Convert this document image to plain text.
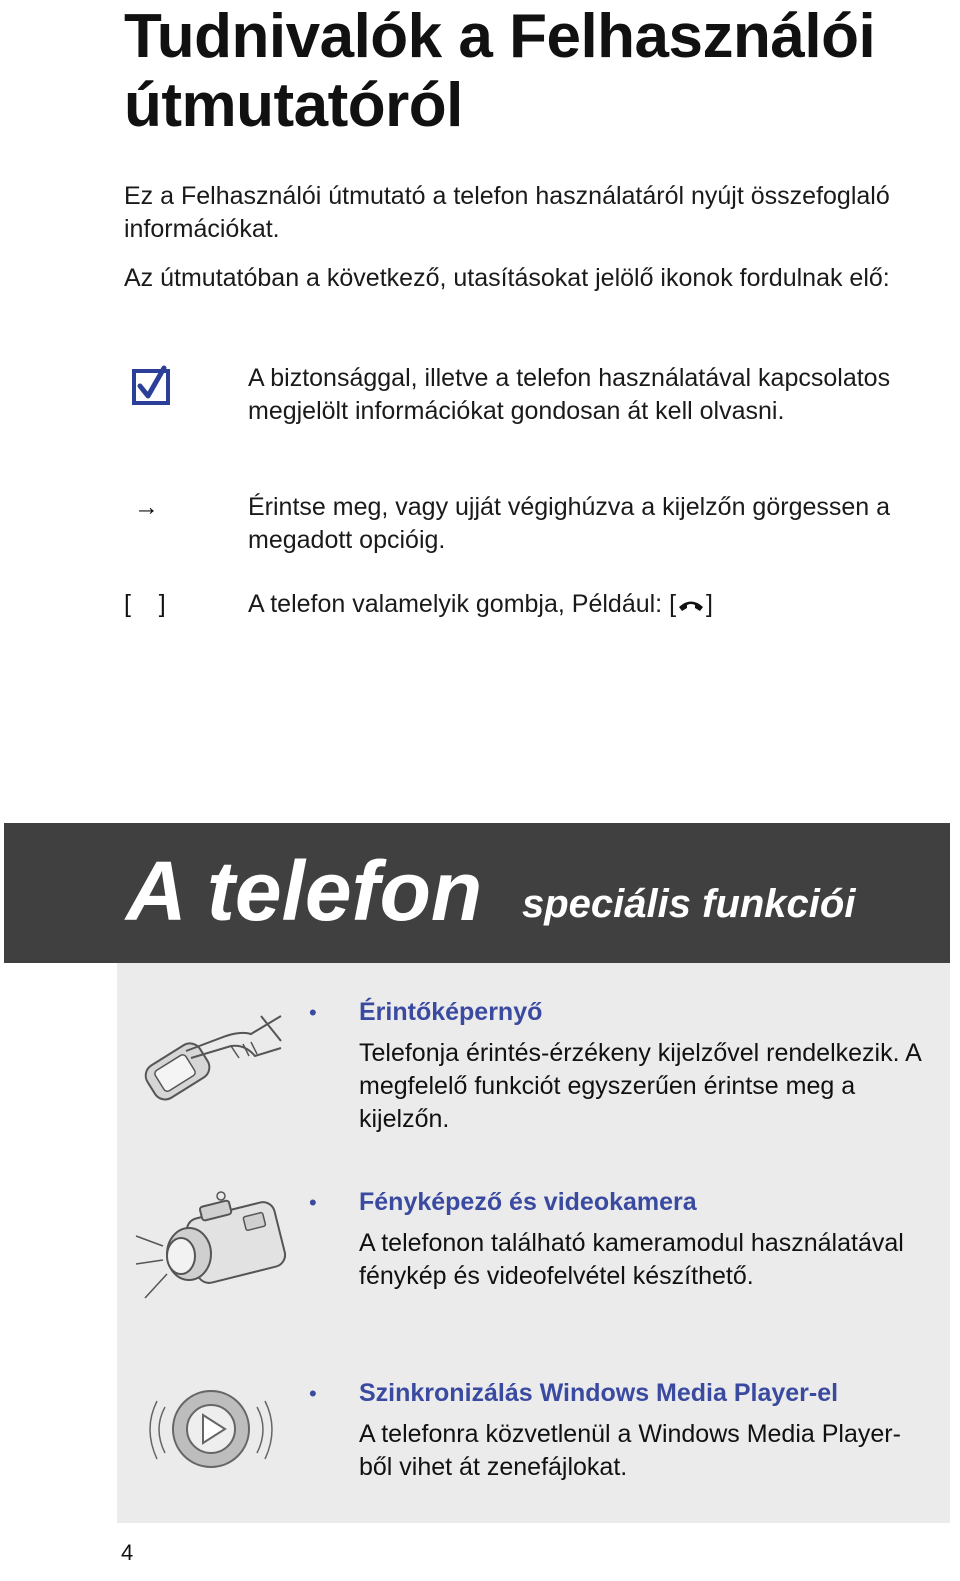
Tudnivalók a Felhasználói útmutatóról
Ez a Felhasználói útmutató a telefon használatáról nyújt összefoglaló információkat.
Az útmutatóban a következő, utasításokat jelölő ikonok fordulnak elő:
A biztonsággal, illetve a telefon használatával kapcsolatos megjelölt információkat gondosan át kell olvasni.
→	Érintse meg, vagy ujját végighúzva a kijelzőn görgessen a megadott opcióig.
[    ]	A telefon valamelyik gombja, Például: [ ]
A telefon speciális funkciói
• Érintőképernyő
Telefonja érintés-érzékeny kijelzővel rendelkezik. A megfelelő funkciót egyszerűen érintse meg a kijelzőn.
• Fényképező és videokamera
A telefonon található kameramodul használatával fénykép és videofelvétel készíthető.
• Szinkronizálás Windows Media Player-el
A telefonra közvetlenül a Windows Media Player-ből vihet át zenefájlokat.
4
